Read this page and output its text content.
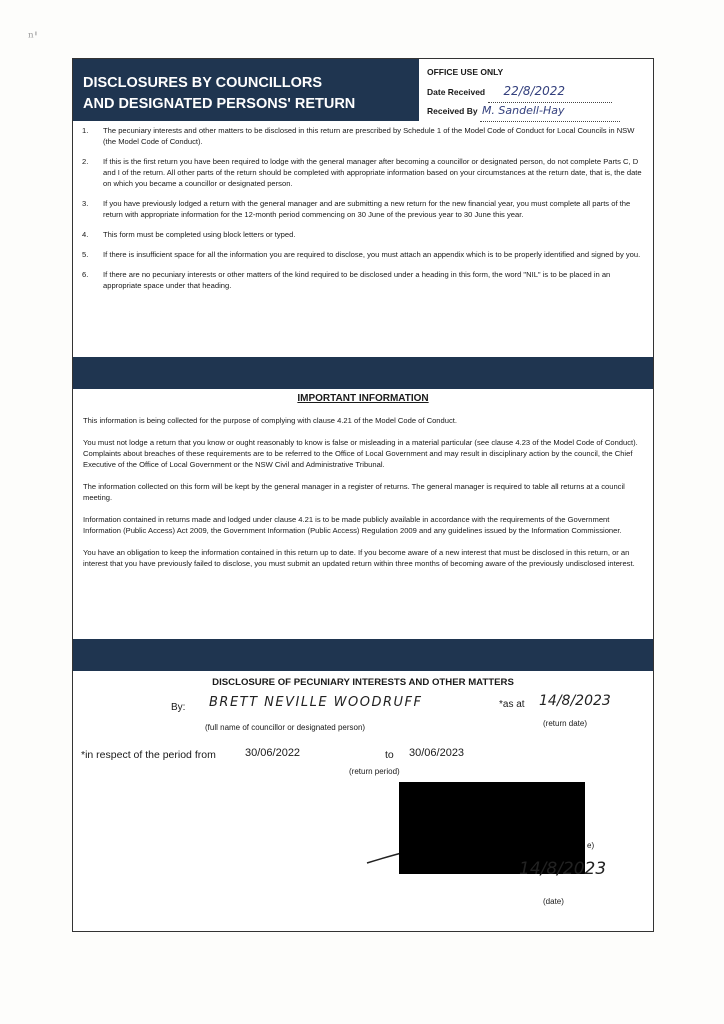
ⁿ'
DISCLOSURES BY COUNCILLORS
AND DESIGNATED PERSONS' RETURN
OFFICE USE ONLY
Date Received 22/8/2022
Received By M. Sandell-Hay
1. The pecuniary interests and other matters to be disclosed in this return are prescribed by Schedule 1 of the Model Code of Conduct for Local Councils in NSW (the Model Code of Conduct).
2. If this is the first return you have been required to lodge with the general manager after becoming a councillor or designated person, do not complete Parts C, D and I of the return. All other parts of the return should be completed with appropriate information based on your circumstances at the return date, that is, the date on which you became a councillor or designated person.
3. If you have previously lodged a return with the general manager and are submitting a new return for the new financial year, you must complete all parts of the return with appropriate information for the 12-month period commencing on 30 June of the previous year to 30 June this year.
4. This form must be completed using block letters or typed.
5. If there is insufficient space for all the information you are required to disclose, you must attach an appendix which is to be properly identified and signed by you.
6. If there are no pecuniary interests or other matters of the kind required to be disclosed under a heading in this form, the word "NIL" is to be placed in an appropriate space under that heading.
IMPORTANT INFORMATION
This information is being collected for the purpose of complying with clause 4.21 of the Model Code of Conduct.
You must not lodge a return that you know or ought reasonably to know is false or misleading in a material particular (see clause 4.23 of the Model Code of Conduct). Complaints about breaches of these requirements are to be referred to the Office of Local Government and may result in disciplinary action by the council, the Chief Executive of the Office of Local Government or the NSW Civil and Administrative Tribunal.
The information collected on this form will be kept by the general manager in a register of returns. The general manager is required to table all returns at a council meeting.
Information contained in returns made and lodged under clause 4.21 is to be made publicly available in accordance with the requirements of the Government Information (Public Access) Act 2009, the Government Information (Public Access) Regulation 2009 and any guidelines issued by the Information Commissioner.
You have an obligation to keep the information contained in this return up to date. If you become aware of a new interest that must be disclosed in this return, or an interest that you have previously failed to disclose, you must submit an updated return within three months of becoming aware of the previously undisclosed interest.
DISCLOSURE OF PECUNIARY INTERESTS AND OTHER MATTERS
By: BRETT NEVILLE WOODRUFF	*as at 14/8/2023
(full name of councillor or designated person)	(return date)
*in respect of the period from	30/06/2022	to 30/06/2023
(return period)
e)
14/8/2023
(date)
